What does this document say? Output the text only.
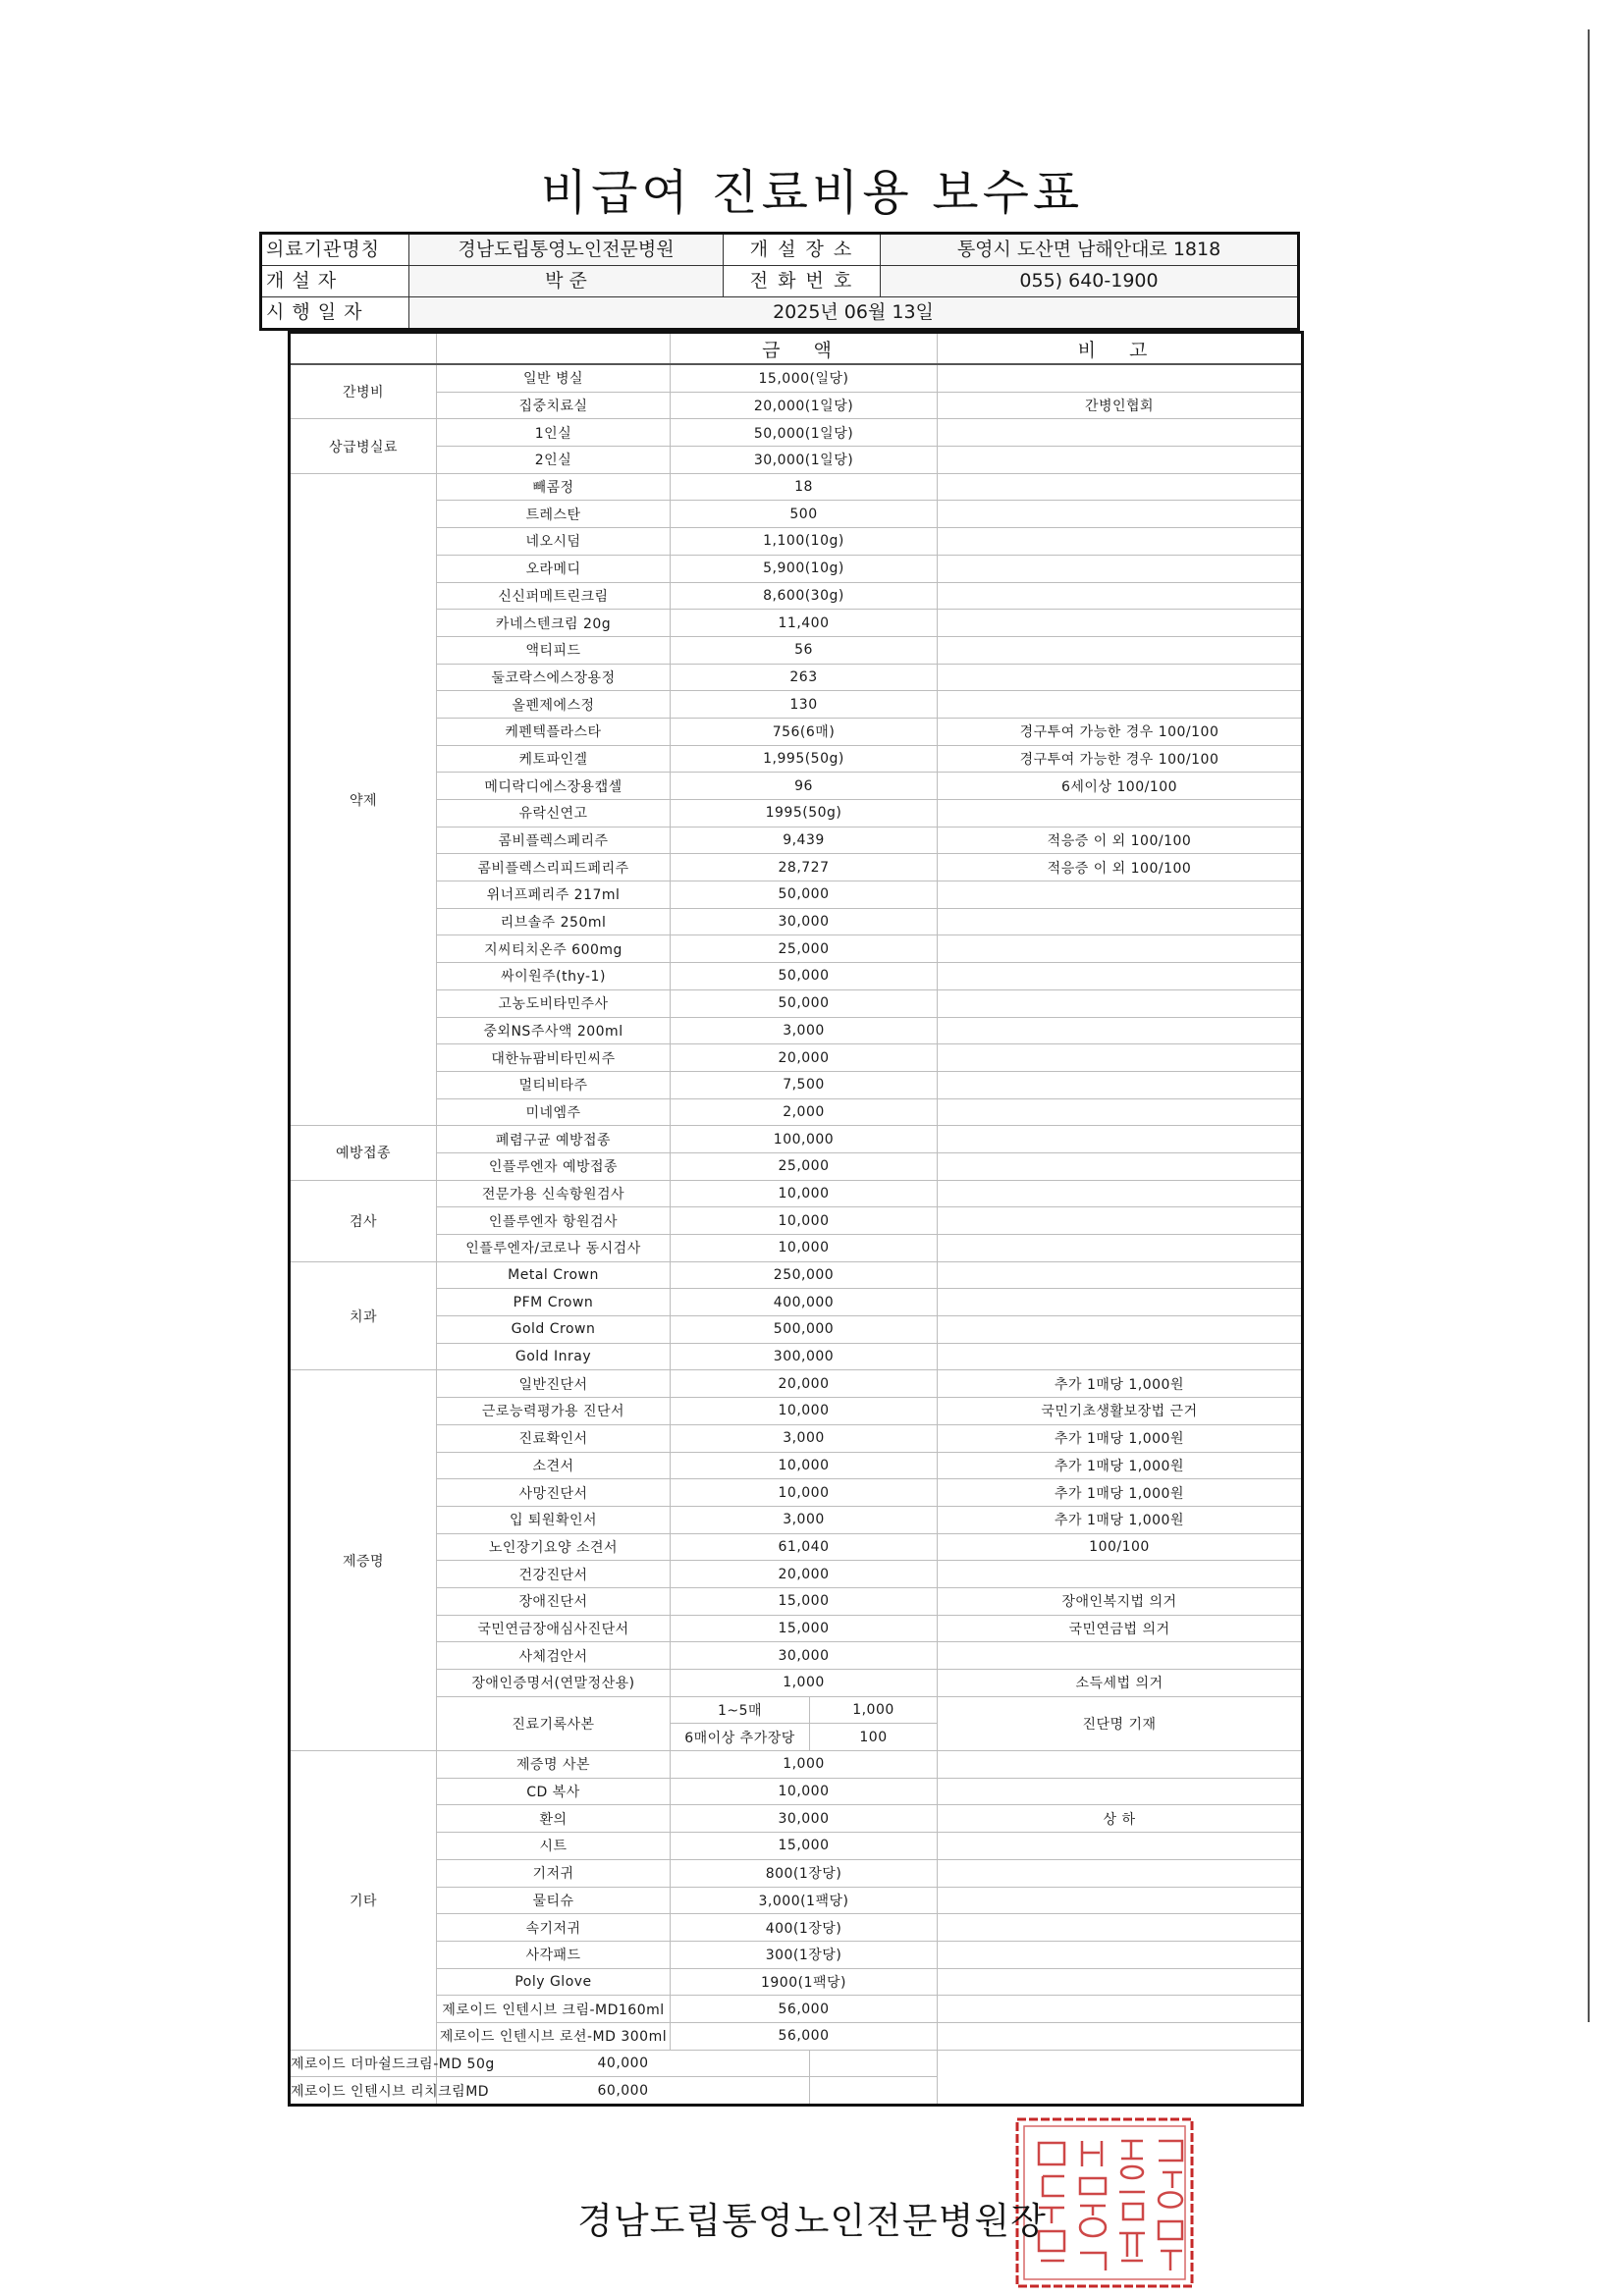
비급여 진료비용 보수표
의료기관명칭	경남도립통영노인전문병원	개 설 장 소	통영시 도산면 남해안대로 1818
개 설 자	박 준	전 화 번 호	055) 640-1900
시 행 일 자	2025년 06월 13일
		금 액		비 고
간병비	일반 병실	15,000(일당)		
	집중치료실	20,000(1일당)		간병인협회
상급병실료	1인실	50,000(1일당)		
	2인실	30,000(1일당)		
약제	빼콤정	18		
	트레스탄	500		
	네오시덤	1,100(10g)		
	오라메디	5,900(10g)		
	신신퍼메트린크림	8,600(30g)		
	카네스텐크림 20g	11,400		
	액티피드	56		
	둘코락스에스장용정	263		
	올펜제에스정	130		
	케펜텍플라스타	756(6매)		경구투여 가능한 경우 100/100
	케토파인겔	1,995(50g)		경구투여 가능한 경우 100/100
	메디락디에스장용캡셀	96		6세이상 100/100
	유락신연고	1995(50g)		
	콤비플렉스페리주	9,439		적응증 이 외 100/100
	콤비플렉스리피드페리주	28,727		적응증 이 외 100/100
	위너프페리주 217ml	50,000		
	리브솔주 250ml	30,000		
	지씨티치온주 600mg	25,000		
	싸이원주(thy-1)	50,000		
	고농도비타민주사	50,000		
	중외NS주사액 200ml	3,000		
	대한뉴팜비타민씨주	20,000		
	멀티비타주	7,500		
	미네엠주	2,000		
예방접종	폐렴구균 예방접종	100,000		
	인플루엔자 예방접종	25,000		
검사	전문가용 신속항원검사	10,000		
	인플루엔자 항원검사	10,000		
	인플루엔자/코로나 동시검사	10,000		
치과	Metal Crown	250,000		
	PFM Crown	400,000		
	Gold Crown	500,000		
	Gold Inray	300,000		
제증명	일반진단서	20,000		추가 1매당 1,000원
	근로능력평가용 진단서	10,000		국민기초생활보장법 근거
	진료확인서	3,000		추가 1매당 1,000원
	소견서	10,000		추가 1매당 1,000원
	사망진단서	10,000		추가 1매당 1,000원
	입 퇴원확인서	3,000		추가 1매당 1,000원
	노인장기요양 소견서	61,040		100/100
	건강진단서	20,000		
	장애진단서	15,000		장애인복지법 의거
	국민연금장애심사진단서	15,000		국민연금법 의거
	사체검안서	30,000		
	장애인증명서(연말정산용)	1,000		소득세법 의거
	진료기록사본	1~5매	1,000	진단명 기재
		6매이상 추가장당	100	
기타	제증명 사본	1,000		
	CD 복사	10,000		
	환의	30,000		상 하
	시트	15,000		
	기저귀	800(1장당)		
	물티슈	3,000(1팩당)		
	속기저귀	400(1장당)		
	사각패드	300(1장당)		
	Poly Glove	1900(1팩당)		
	제로이드 인텐시브 크림-MD160ml	56,000		
	제로이드 인텐시브 로션-MD 300ml	56,000		
제로이드 더마쉴드크림-MD 50g	40,000			
제로이드 인텐시브 리치크림MD	60,000			
경남도립통영노인전문병원장
